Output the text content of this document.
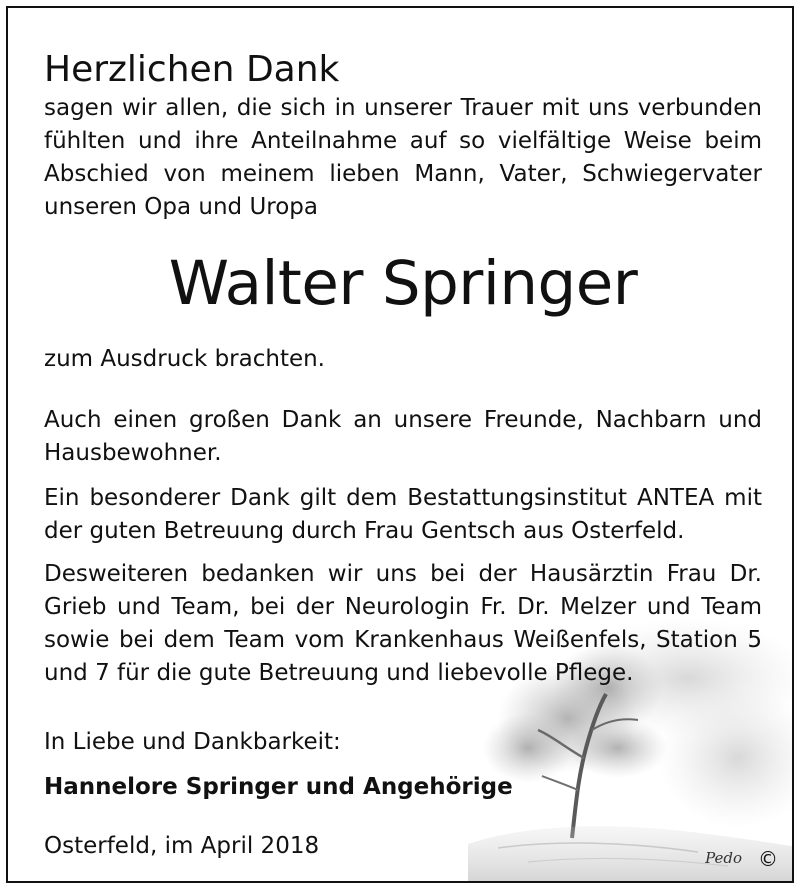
Herzlichen Dank

sagen wir allen, die sich in unserer Trauer mit uns verbunden fühlten und ihre Anteilnahme auf so vielfältige Weise beim Abschied von meinem lieben Mann, Vater, Schwiegervater unseren Opa und Uropa

Walter Springer

zum Ausdruck brachten.

Auch einen großen Dank an unsere Freunde, Nachbarn und Hausbewohner.

Ein besonderer Dank gilt dem Bestattungsinstitut ANTEA mit der guten Betreuung durch Frau Gentsch aus Osterfeld.

Desweiteren bedanken wir uns bei der Hausärztin Frau Dr. Grieb und Team, bei der Neurologin Fr. Dr. Melzer und Team sowie bei dem Team vom Krankenhaus Weißenfels, Station 5 und 7 für die gute Betreuung und liebevolle Pflege.

In Liebe und Dankbarkeit:

Hannelore Springer und Angehörige

Osterfeld, im April 2018	Pedo ©
